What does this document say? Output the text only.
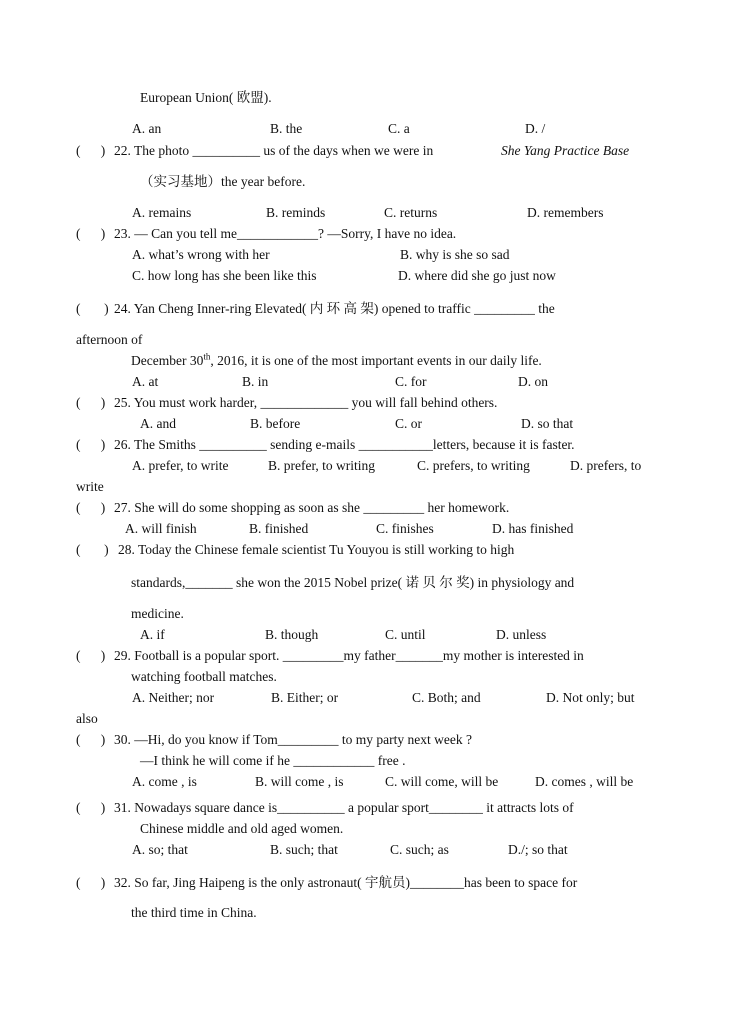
European Union( 欧盟).
A. an	B. the	C. a	D. /
(      ) 22. The photo __________ us of the days when we were in	She Yang Practice Base
（实习基地）the year before.
A. remains	B. reminds	C. returns	D. remembers
(      ) 23. — Can you tell me____________? —Sorry, I have no idea.
A. what’s wrong with her	B. why is she so sad
C. how long has she been like this	D. where did she go just now
(       ) 24. Yan Cheng Inner-ring Elevated( 内 环 高 架) opened to traffic _________ the
afternoon of
December 30th, 2016, it is one of the most important events in our daily life.
A. at	B. in	C. for	D. on
(      ) 25. You must work harder, _____________ you will fall behind others.
A. and	B. before	C. or	D. so that
(      ) 26. The Smiths __________ sending e-mails ___________letters, because it is faster.
A. prefer, to write	B. prefer, to writing	C. prefers, to writing	D. prefers, to
write
(      ) 27. She will do some shopping as soon as she _________ her homework.
A. will finish	B. finished	C. finishes	D. has finished
(       ) 28. Today the Chinese female scientist Tu Youyou is still working to high
standards,_______ she won the 2015 Nobel prize( 诺 贝 尔 奖) in physiology and
medicine.
A. if	B. though	C. until	D. unless
(      ) 29. Football is a popular sport. _________my father_______my mother is interested in
watching football matches.
A. Neither; nor	B. Either; or	C. Both; and	D. Not only; but
also
(      ) 30. —Hi, do you know if Tom_________ to my party next week ?
—I think he will come if he ____________ free .
A. come , is	B. will come , is	C. will come, will be	D. comes , will be
(      ) 31. Nowadays square dance is__________ a popular sport________ it attracts lots of
Chinese middle and old aged women.
A. so; that	B. such; that	C. such; as	D./; so that
(      ) 32. So far, Jing Haipeng is the only astronaut( 宇航员)________has been to space for
the third time in China.
